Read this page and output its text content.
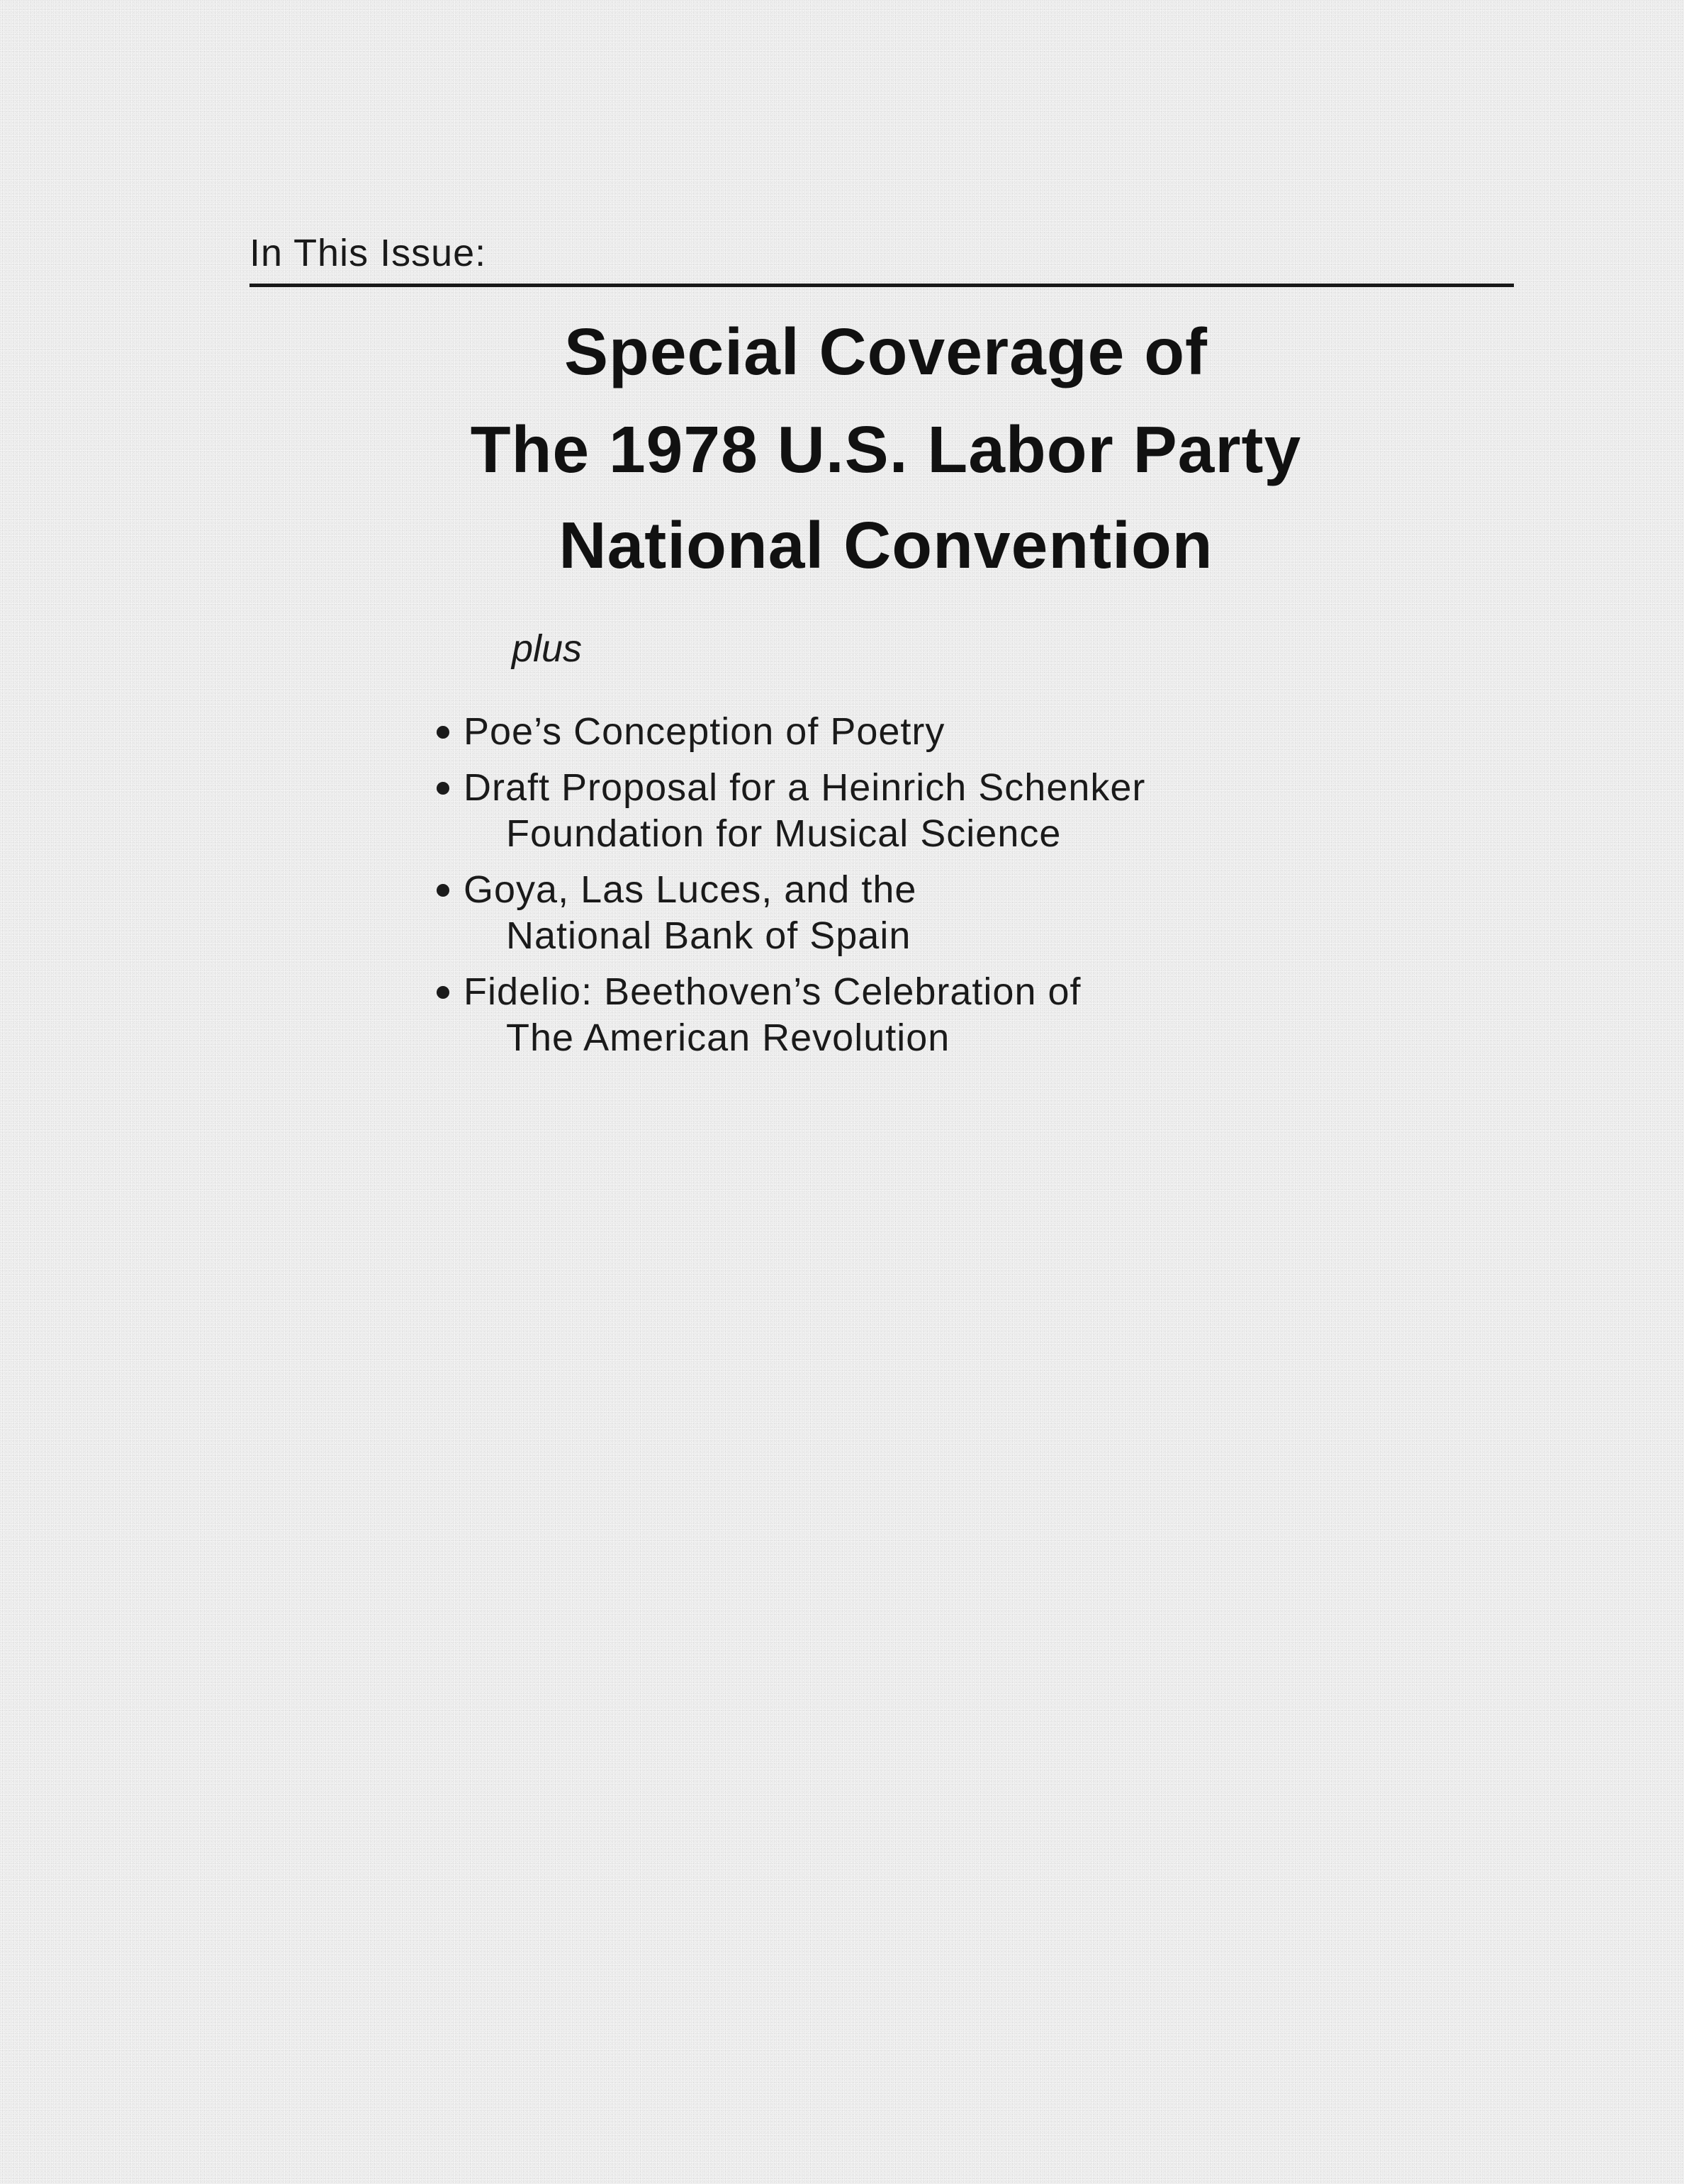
In This Issue:
Special Coverage of
The 1978 U.S. Labor Party
National Convention
plus
Poe’s Conception of Poetry
Draft Proposal for a Heinrich Schenker
Foundation for Musical Science
Goya, Las Luces, and the
National Bank of Spain
Fidelio: Beethoven’s Celebration of
The American Revolution
